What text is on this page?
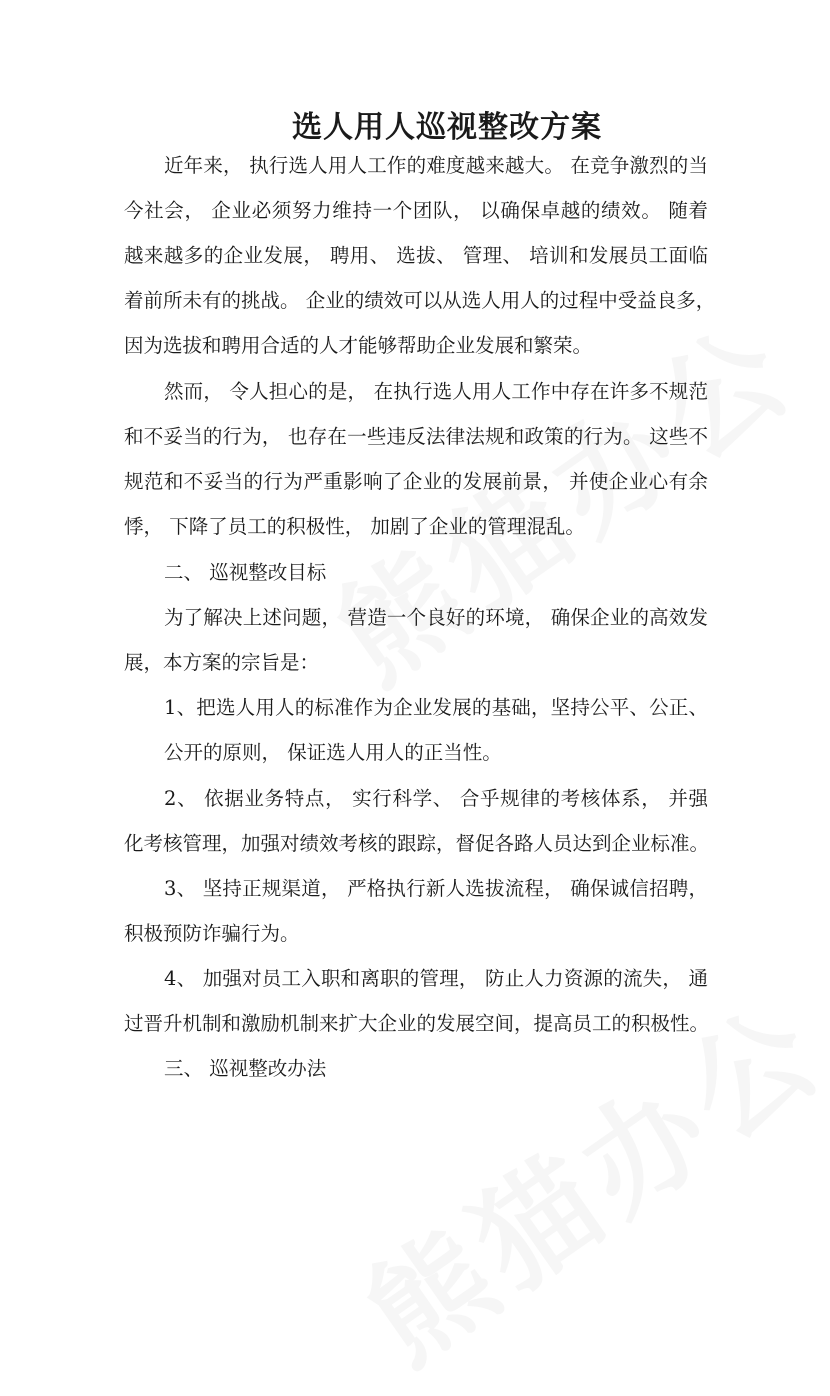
选人用人巡视整改方案
近年来， 执行选人用人工作的难度越来越大。 在竞争激烈的当
今社会， 企业必须努力维持一个团队， 以确保卓越的绩效。 随着
越来越多的企业发展， 聘用、 选拔、 管理、 培训和发展员工面临
着前所未有的挑战。 企业的绩效可以从选人用人的过程中受益良多，
因为选拔和聘用合适的人才能够帮助企业发展和繁荣。
然而， 令人担心的是， 在执行选人用人工作中存在许多不规范
和不妥当的行为， 也存在一些违反法律法规和政策的行为。 这些不
规范和不妥当的行为严重影响了企业的发展前景， 并使企业心有余
悸， 下降了员工的积极性， 加剧了企业的管理混乱。
二、 巡视整改目标
为了解决上述问题， 营造一个良好的环境， 确保企业的高效发
展，本方案的宗旨是：
1、把选人用人的标准作为企业发展的基础，坚持公平、公正、
公开的原则， 保证选人用人的正当性。
2、 依据业务特点， 实行科学、 合乎规律的考核体系， 并强
化考核管理，加强对绩效考核的跟踪，督促各路人员达到企业标准。
3、 坚持正规渠道， 严格执行新人选拔流程， 确保诚信招聘，
积极预防诈骗行为。
4、 加强对员工入职和离职的管理， 防止人力资源的流失， 通
过晋升机制和激励机制来扩大企业的发展空间，提高员工的积极性。
三、 巡视整改办法
